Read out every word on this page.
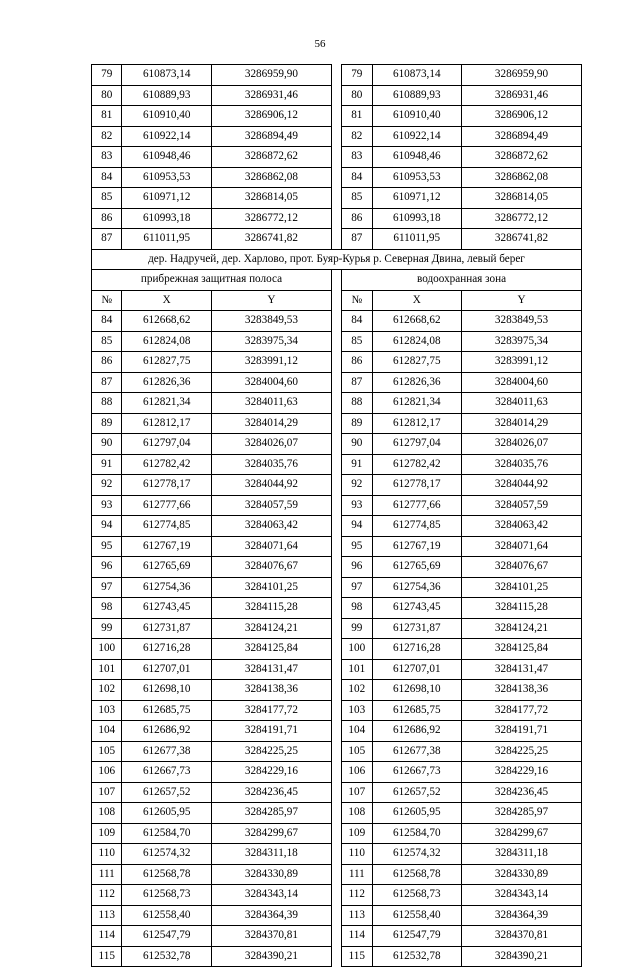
56
79	610873,14	3286959,90		79	610873,14	3286959,90
80	610889,93	3286931,46		80	610889,93	3286931,46
81	610910,40	3286906,12		81	610910,40	3286906,12
82	610922,14	3286894,49		82	610922,14	3286894,49
83	610948,46	3286872,62		83	610948,46	3286872,62
84	610953,53	3286862,08		84	610953,53	3286862,08
85	610971,12	3286814,05		85	610971,12	3286814,05
86	610993,18	3286772,12		86	610993,18	3286772,12
87	611011,95	3286741,82		87	611011,95	3286741,82
дер. Надручей, дер. Харлово, прот. Буяр-Курья р. Северная Двина, левый берег						
прибрежная защитная полоса				водоохранная зона		
№	X	Y		№	X	Y
84	612668,62	3283849,53		84	612668,62	3283849,53
85	612824,08	3283975,34		85	612824,08	3283975,34
86	612827,75	3283991,12		86	612827,75	3283991,12
87	612826,36	3284004,60		87	612826,36	3284004,60
88	612821,34	3284011,63		88	612821,34	3284011,63
89	612812,17	3284014,29		89	612812,17	3284014,29
90	612797,04	3284026,07		90	612797,04	3284026,07
91	612782,42	3284035,76		91	612782,42	3284035,76
92	612778,17	3284044,92		92	612778,17	3284044,92
93	612777,66	3284057,59		93	612777,66	3284057,59
94	612774,85	3284063,42		94	612774,85	3284063,42
95	612767,19	3284071,64		95	612767,19	3284071,64
96	612765,69	3284076,67		96	612765,69	3284076,67
97	612754,36	3284101,25		97	612754,36	3284101,25
98	612743,45	3284115,28		98	612743,45	3284115,28
99	612731,87	3284124,21		99	612731,87	3284124,21
100	612716,28	3284125,84		100	612716,28	3284125,84
101	612707,01	3284131,47		101	612707,01	3284131,47
102	612698,10	3284138,36		102	612698,10	3284138,36
103	612685,75	3284177,72		103	612685,75	3284177,72
104	612686,92	3284191,71		104	612686,92	3284191,71
105	612677,38	3284225,25		105	612677,38	3284225,25
106	612667,73	3284229,16		106	612667,73	3284229,16
107	612657,52	3284236,45		107	612657,52	3284236,45
108	612605,95	3284285,97		108	612605,95	3284285,97
109	612584,70	3284299,67		109	612584,70	3284299,67
110	612574,32	3284311,18		110	612574,32	3284311,18
111	612568,78	3284330,89		111	612568,78	3284330,89
112	612568,73	3284343,14		112	612568,73	3284343,14
113	612558,40	3284364,39		113	612558,40	3284364,39
114	612547,79	3284370,81		114	612547,79	3284370,81
115	612532,78	3284390,21		115	612532,78	3284390,21
